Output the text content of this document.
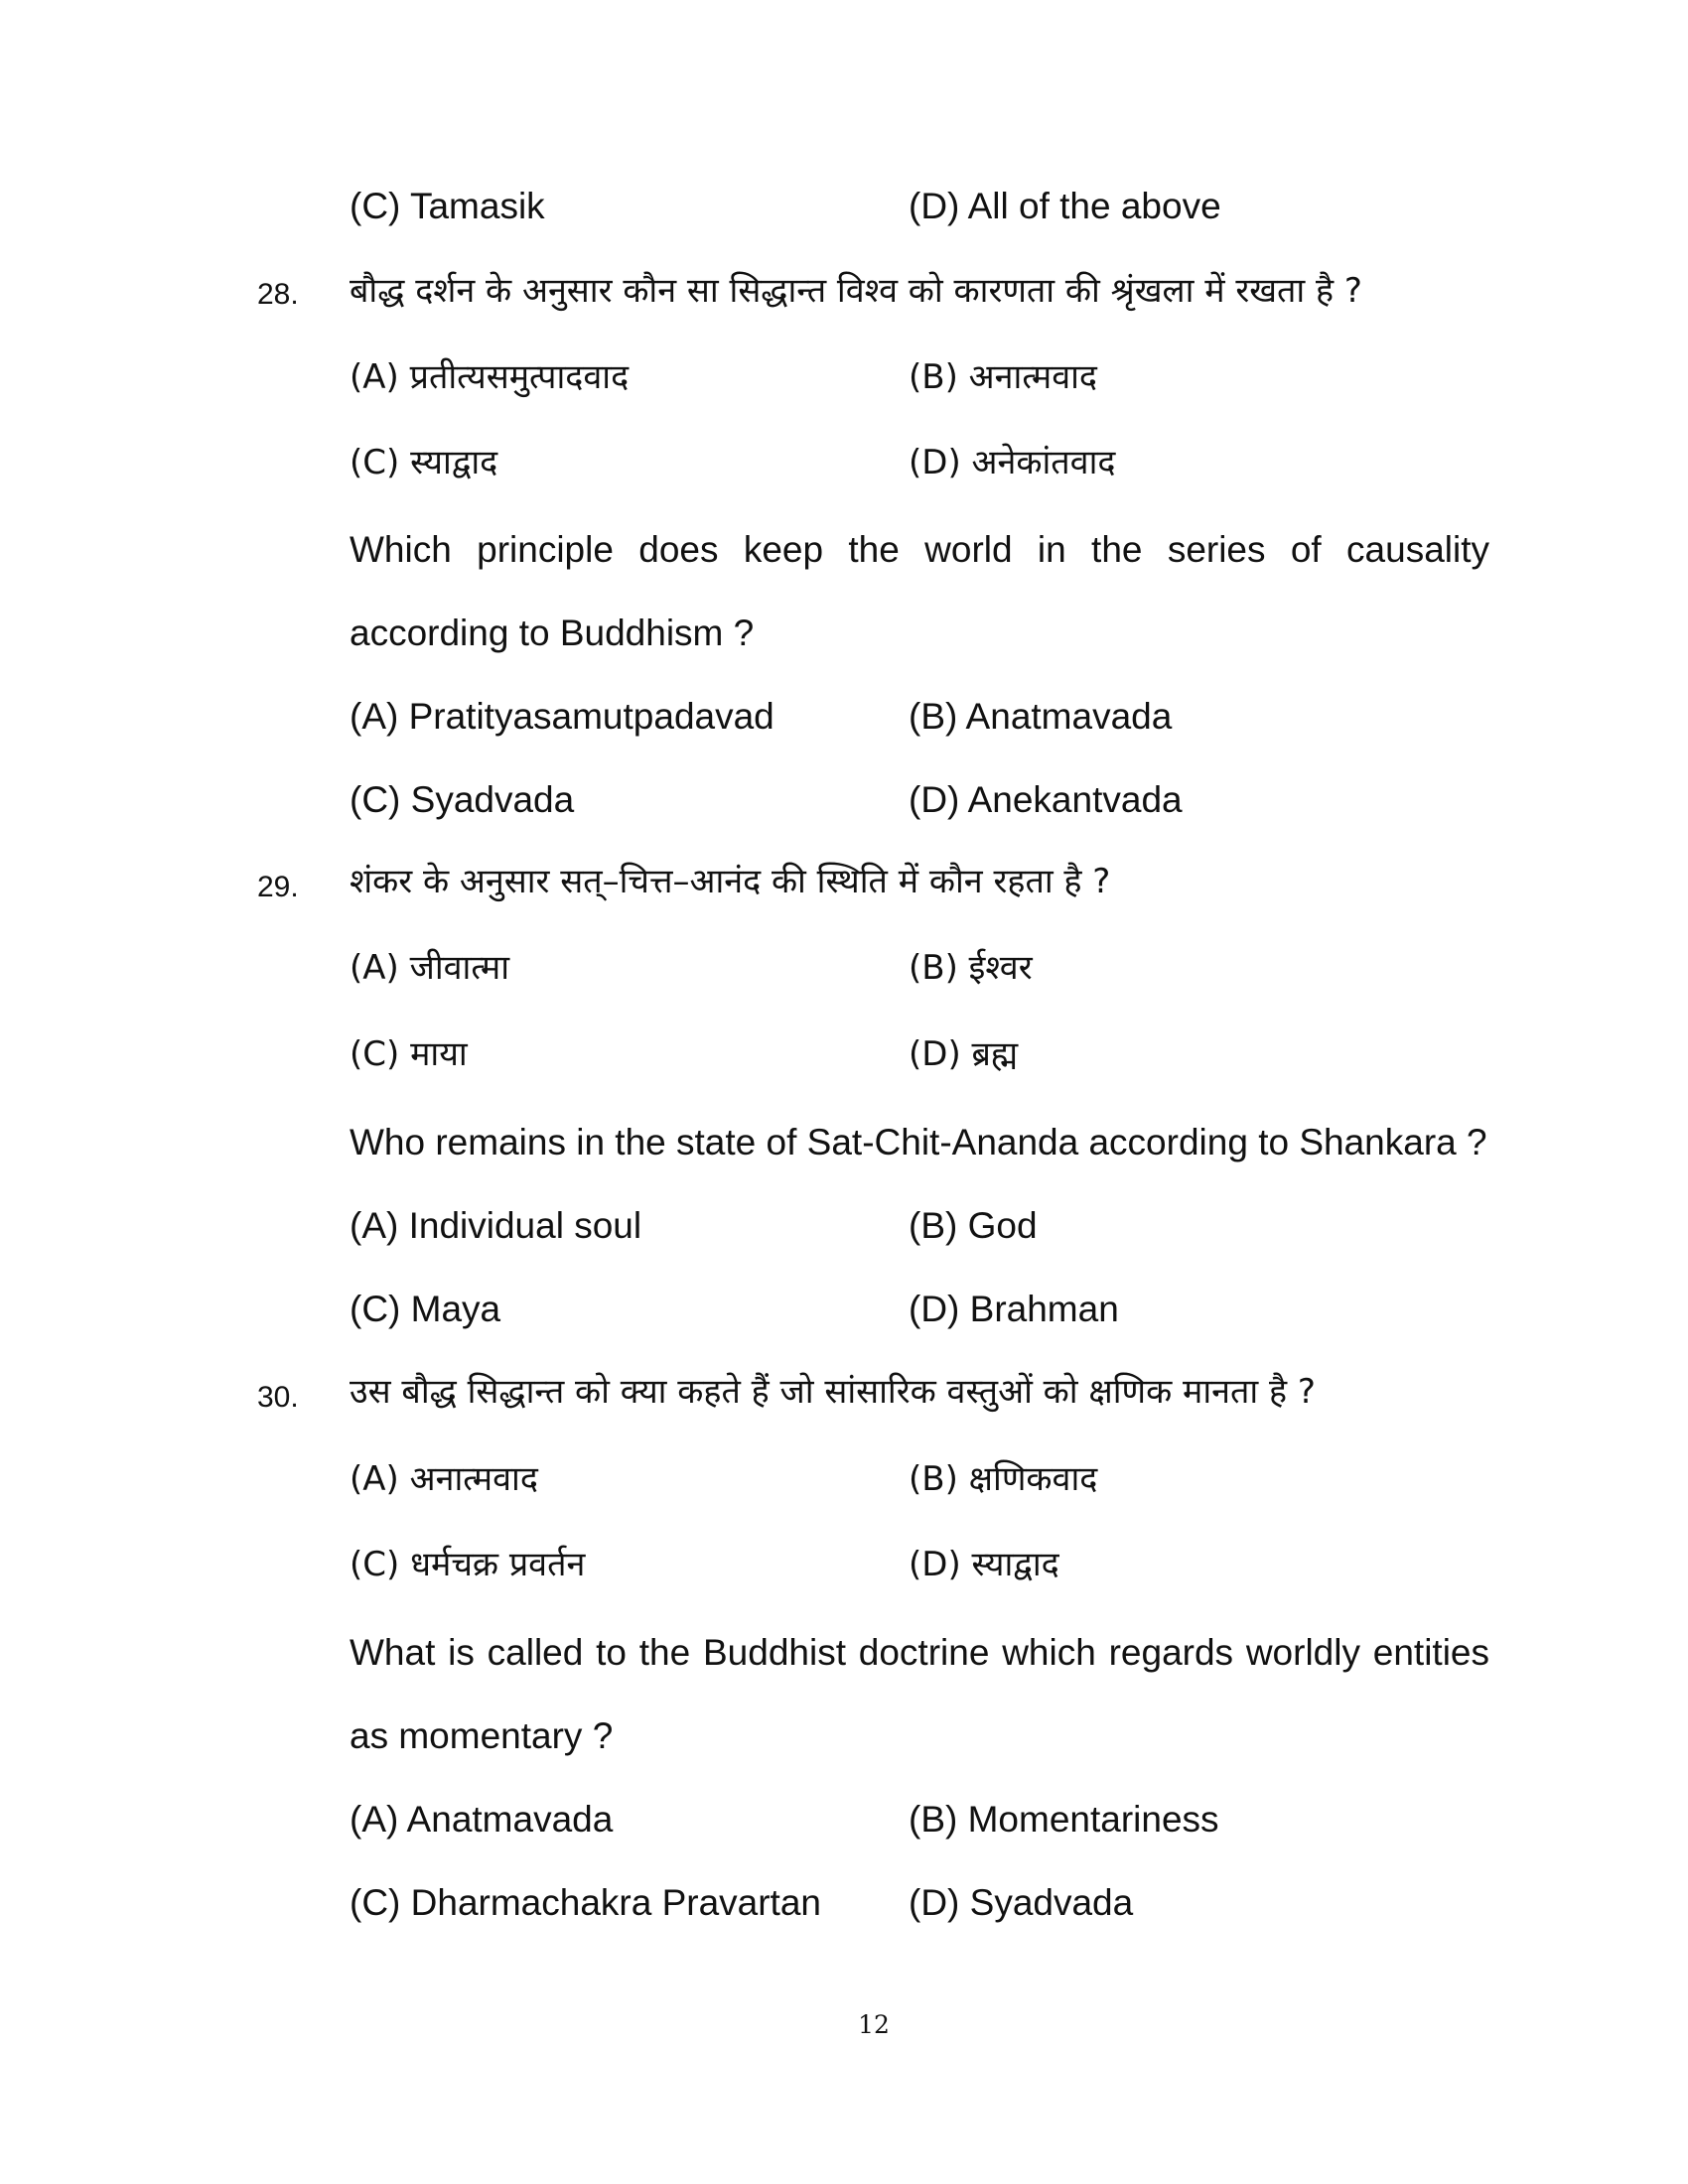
(C) Tamasik	(D) All of the above
28. बौद्ध दर्शन के अनुसार कौन सा सिद्धान्त विश्व को कारणता की श्रृंखला में रखता है ?
(A) प्रतीत्यसमुत्पादवाद	(B) अनात्मवाद
(C) स्याद्वाद	(D) अनेकांतवाद
Which principle does keep the world in the series of causality
according to Buddhism ?
(A) Pratityasamutpadavad	(B) Anatmavada
(C) Syadvada	(D) Anekantvada
29. शंकर के अनुसार सत्–चित्त–आनंद की स्थिति में कौन रहता है ?
(A) जीवात्मा	(B) ईश्वर
(C) माया	(D) ब्रह्म
Who remains in the state of Sat-Chit-Ananda according to Shankara ?
(A) Individual soul	(B) God
(C) Maya	(D) Brahman
30. उस बौद्ध सिद्धान्त को क्या कहते हैं जो सांसारिक वस्तुओं को क्षणिक मानता है ?
(A) अनात्मवाद	(B) क्षणिकवाद
(C) धर्मचक्र प्रवर्तन	(D) स्याद्वाद
What is called to the Buddhist doctrine which regards worldly entities
as momentary ?
(A) Anatmavada	(B) Momentariness
(C) Dharmachakra Pravartan (D) Syadvada
12
